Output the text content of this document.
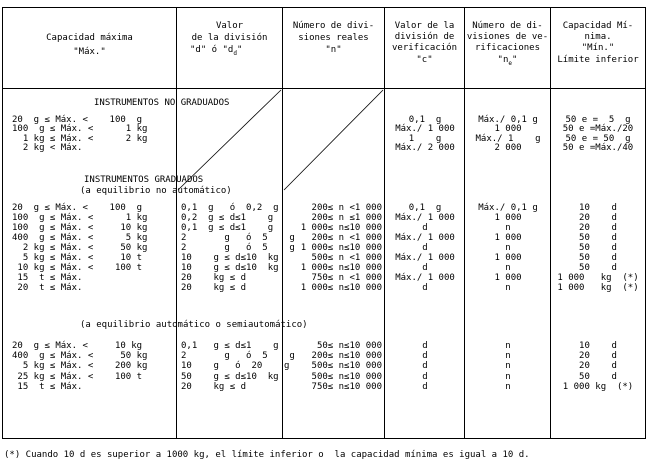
Capacidad máxima
"Máx."
Valor
de la división
"d" ó "$d_d$"
Número de divi-
siones reales
"n"
Valor de la
división de
verificación
"c"
Número de di-
visiones de ve-
rificaciones
"$n_e$"
Capacidad Mí-
nima.
"Mín."
Límite inferior
INSTRUMENTOS NO GRADUADOS
INSTRUMENTOS GRADUADOS
(a equilibrio no automático)
(a equilibrio automático o semiautomático)
20  g ≤ Máx. <    100  g
100  g ≤ Máx. <      1 kg
1 kg ≤ Máx. <      2 kg
2 kg < Máx.
0,1  g
Máx./ 1 000
1    g
Máx./ 2 000
Máx./ 0,1 g
1 000
Máx./ 1    g
2 000
50 e =  5  g
50 e =Máx./20
50 e = 50  g
50 e =Máx./40
20  g ≤ Máx. <    100  g
100  g ≤ Máx. <      1 kg
100  g ≤ Máx. <     10 kg
400  g ≤ Máx. <      5 kg
2 kg ≤ Máx. <     50 kg
5 kg ≤ Máx. <     10 t
10 kg ≤ Máx. <    100 t
15  t ≤ Máx.
20  t ≤ Máx.
0,1  g   ó  0,2  g
0,2  g ≤ d≤1    g
0,1  g ≤ d≤1    g
2       g   ó  5    g
2       g   ó  5    g
10    g ≤ d≤10  kg
10    g ≤ d≤10  kg
20    kg ≤ d
20    kg ≤ d
200≤ n <1 000
200≤ n ≤1 000
1 000≤ n≤10 000
200≤ n <1 000
1 000≤ n≤10 000
500≤ n <1 000
1 000≤ n≤10 000
750≤ n <1 000
1 000≤ n≤10 000
0,1  g
Máx./ 1 000
d
Máx./ 1 000
d
Máx./ 1 000
d
Máx./ 1 000
d
Máx./ 0,1 g
1 000
n
1 000
n
1 000
n
1 000
n
10    d
20    d
20    d
50    d
50    d
50    d
50    d
1 000   kg  (*)
1 000   kg  (*)
20  g ≤ Máx. <     10 kg
400  g ≤ Máx. <     50 kg
5 kg ≤ Máx. <    200 kg
25 kg ≤ Máx. <    100 t
15  t ≤ Máx.
0,1   g ≤ d≤1    g
2       g   ó  5    g
10    g   ó  20    g
50    g ≤ d≤10  kg
20    kg ≤ d
50≤ n≤10 000
200≤ n≤10 000
500≤ n≤10 000
500≤ n≤10 000
750≤ n≤10 000
d
d
d
d
d
n
n
n
n
n
10    d
20    d
20    d
50    d
1 000 kg  (*)
(*) Cuando 10 d es superior a 1000 kg, el límite inferior o  la capacidad mínima es igual a 10 d.
